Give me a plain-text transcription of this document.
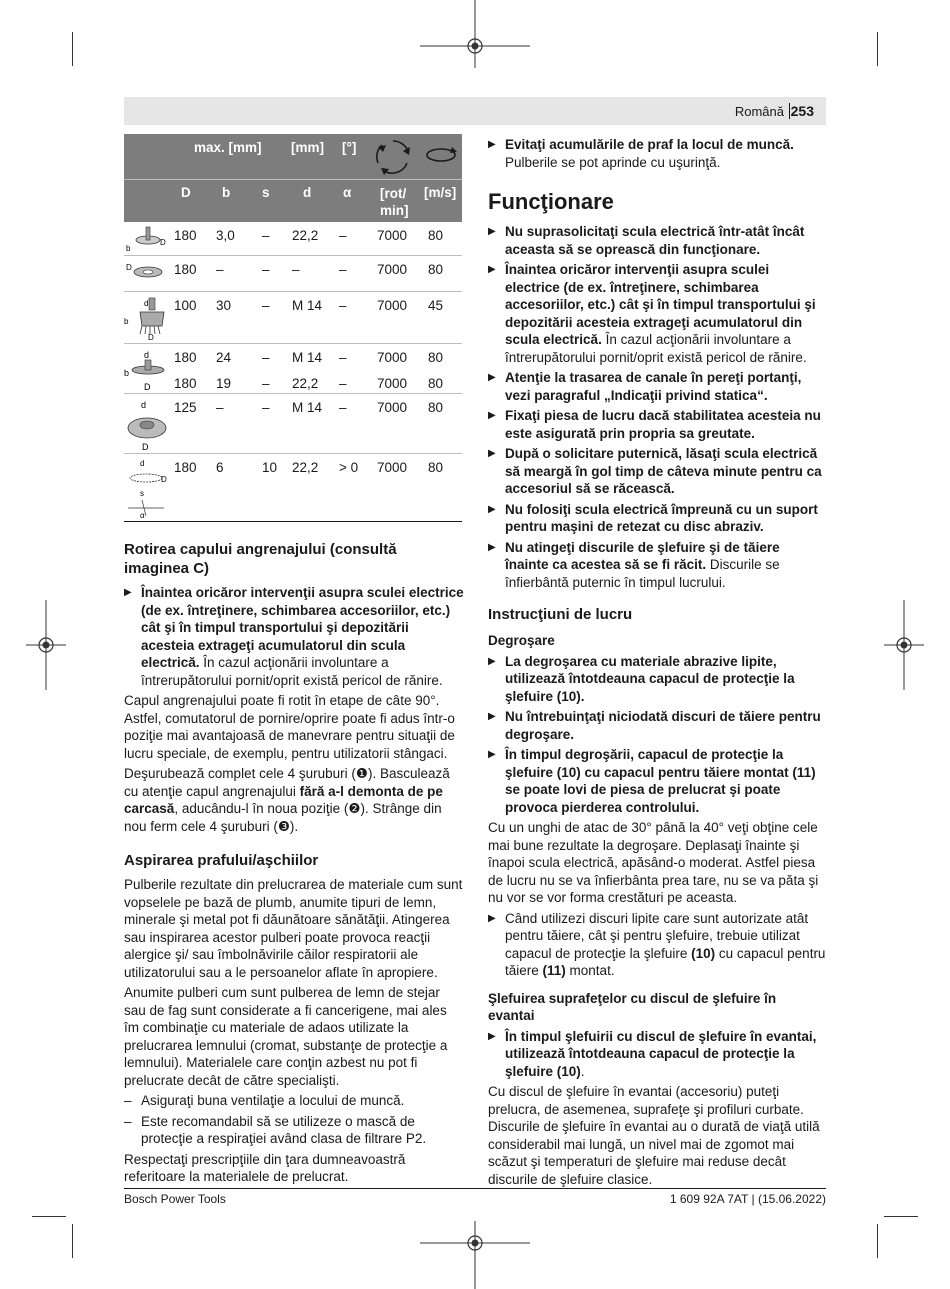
Română 253
max. [mm] [mm] [°]
D b s d α [rot/
min]
[m/s]
180 3,0 – 22,2 – 7000 80
180 –	– –	– 7000 80
100 30 – M 14 – 7000 45
180 24 – M 14 – 7000 80
180 19 – 22,2 – 7000 80
125 –	– M 14 – 7000 80
180 6	10 22,2 > 0 7000 80
b
D
D
d
b
D
d
b
D
d
D
d
D
s
α
Rotirea capului angrenajului (consultă imaginea C)
▶ Înaintea oricăror intervenţii asupra sculei electrice (de ex. întreţinere, schimbarea accesoriilor, etc.) cât şi în timpul transportului şi depozitării acesteia extrageţi acumulatorul din scula electrică. În cazul acţionării involuntare a întrerupătorului pornit/oprit există pericol de rănire.

Capul angrenajului poate fi rotit în etape de câte 90°. Astfel, comutatorul de pornire/oprire poate fi adus într-o poziţie mai avantajoasă de manevrare pentru situaţii de lucru speciale, de exemplu, pentru utilizatorii stângaci.

Deşurubează complet cele 4 şuruburi (❶). Basculează cu atenţie capul angrenajului fără a-l demonta de pe carcasă, aducându-l în noua poziţie (❷). Strânge din nou ferm cele 4 şuruburi (❸).

Aspirarea prafului/aşchiilor

Pulberile rezultate din prelucrarea de materiale cum sunt vopselele pe bază de plumb, anumite tipuri de lemn, minerale şi metal pot fi dăunătoare sănătăţii. Atingerea sau inspirarea acestor pulberi poate provoca reacţii alergice şi/ sau îmbolnăvirile căilor respiratorii ale utilizatorului sau a le persoanelor aflate în apropiere.

Anumite pulberi cum sunt pulberea de lemn de stejar sau de fag sunt considerate a fi cancerigene, mai ales îm combinaţie cu materiale de adaos utilizate la prelucrarea lemnului (cromat, substanţe de protecţie a lemnului). Materialele care conţin azbest nu pot fi prelucrate decât de către specialişti.

– Asiguraţi buna ventilaţie a locului de muncă.
– Este recomandabil să se utilizeze o mască de protecţie a respiraţiei având clasa de filtrare P2.

Respectaţi prescripţiile din ţara dumneavoastră referitoare la materialele de prelucrat.

▶ Evitaţi acumulările de praf la locul de muncă. Pulberile se pot aprinde cu uşurinţă.
Funcţionare
▶ Nu suprasolicitaţi scula electrică într-atât încât aceasta să se oprească din funcţionare.
▶ Înaintea oricăror intervenţii asupra sculei electrice (de ex. întreţinere, schimbarea accesoriilor, etc.) cât şi în timpul transportului şi depozitării acesteia extrageţi acumulatorul din scula electrică. În cazul acţionării involuntare a întrerupătorului pornit/oprit există pericol de rănire.
▶ Atenţie la trasarea de canale în pereţi portanţi, vezi paragraful „Indicaţii privind statica“.
▶ Fixaţi piesa de lucru dacă stabilitatea acesteia nu este asigurată prin propria sa greutate.
▶ După o solicitare puternică, lăsaţi scula electrică să meargă în gol timp de câteva minute pentru ca accesoriul să se răcească.
▶ Nu folosiţi scula electrică împreună cu un suport pentru maşini de retezat cu disc abraziv.
▶ Nu atingeţi discurile de şlefuire şi de tăiere înainte ca acestea să se fi răcit. Discurile se înfierbântă puternic în timpul lucrului.
Instrucţiuni de lucru
Degroşare
▶ La degroşarea cu materiale abrazive lipite, utilizează întotdeauna capacul de protecţie la şlefuire (10).
▶ Nu întrebuinţaţi niciodată discuri de tăiere pentru degroşare.
▶ În timpul degroşării, capacul de protecţie la şlefuire (10) cu capacul pentru tăiere montat (11) se poate lovi de piesa de prelucrat şi poate provoca pierderea controlului.

Cu un unghi de atac de 30° până la 40° veţi obţine cele mai bune rezultate la degroşare. Deplasaţi înainte şi înapoi scula electrică, apăsând-o moderat. Astfel piesa de lucru nu se va înfierbânta prea tare, nu se va păta şi nu vor se vor forma crestături pe aceasta.

▶ Când utilizezi discuri lipite care sunt autorizate atât pentru tăiere, cât şi pentru şlefuire, trebuie utilizat capacul de protecţie la şlefuire (10) cu capacul pentru tăiere (11) montat.
Şlefuirea suprafeţelor cu discul de şlefuire în evantai
▶ În timpul şlefuirii cu discul de şlefuire în evantai, utilizează întotdeauna capacul de protecţie la şlefuire (10).

Cu discul de şlefuire în evantai (accesoriu) puteţi prelucra, de asemenea, suprafeţe şi profiluri curbate. Discurile de şlefuire în evantai au o durată de viaţă utilă considerabil mai lungă, un nivel mai de zgomot mai scăzut şi temperaturi de şlefuire mai reduse decât discurile de şlefuire clasice.

Bosch Power Tools	1 609 92A 7AT | (15.06.2022)
